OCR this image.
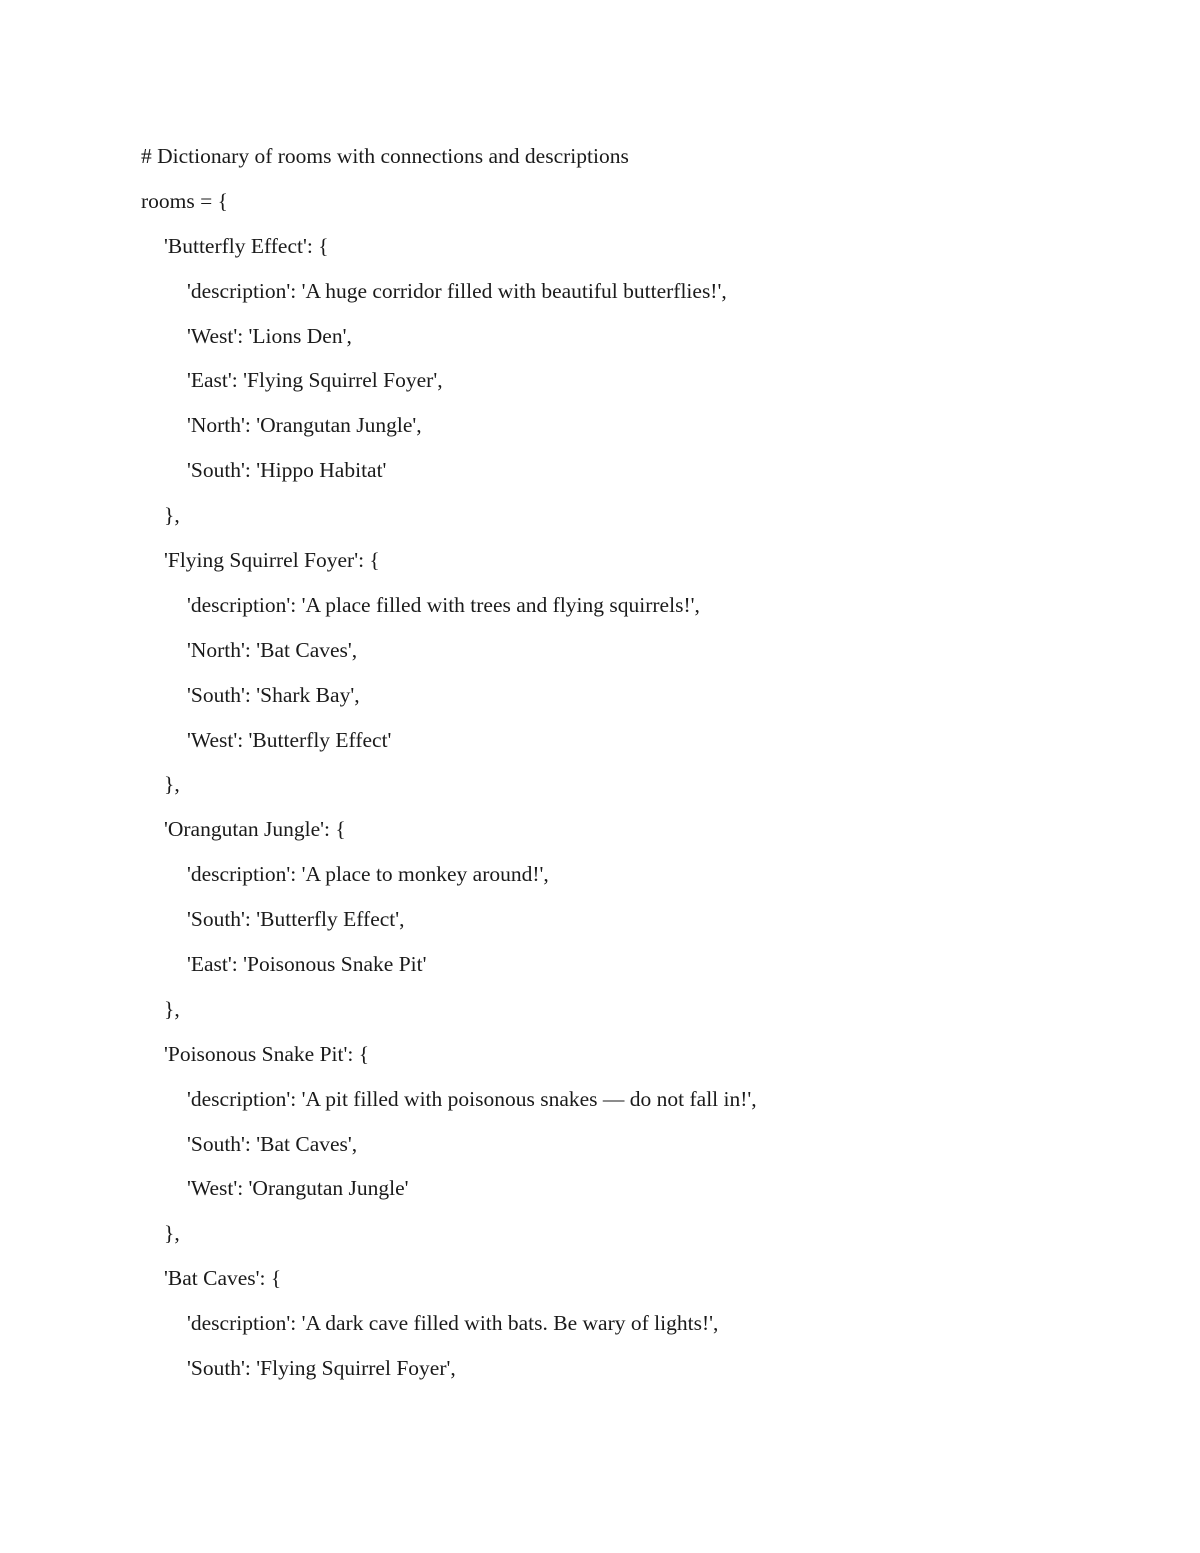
# Dictionary of rooms with connections and descriptions
rooms = {
'Butterfly Effect': {
'description': 'A huge corridor filled with beautiful butterflies!',
'West': 'Lions Den',
'East': 'Flying Squirrel Foyer',
'North': 'Orangutan Jungle',
'South': 'Hippo Habitat'
},
'Flying Squirrel Foyer': {
'description': 'A place filled with trees and flying squirrels!',
'North': 'Bat Caves',
'South': 'Shark Bay',
'West': 'Butterfly Effect'
},
'Orangutan Jungle': {
'description': 'A place to monkey around!',
'South': 'Butterfly Effect',
'East': 'Poisonous Snake Pit'
},
'Poisonous Snake Pit': {
'description': 'A pit filled with poisonous snakes — do not fall in!',
'South': 'Bat Caves',
'West': 'Orangutan Jungle'
},
'Bat Caves': {
'description': 'A dark cave filled with bats. Be wary of lights!',
'South': 'Flying Squirrel Foyer',
